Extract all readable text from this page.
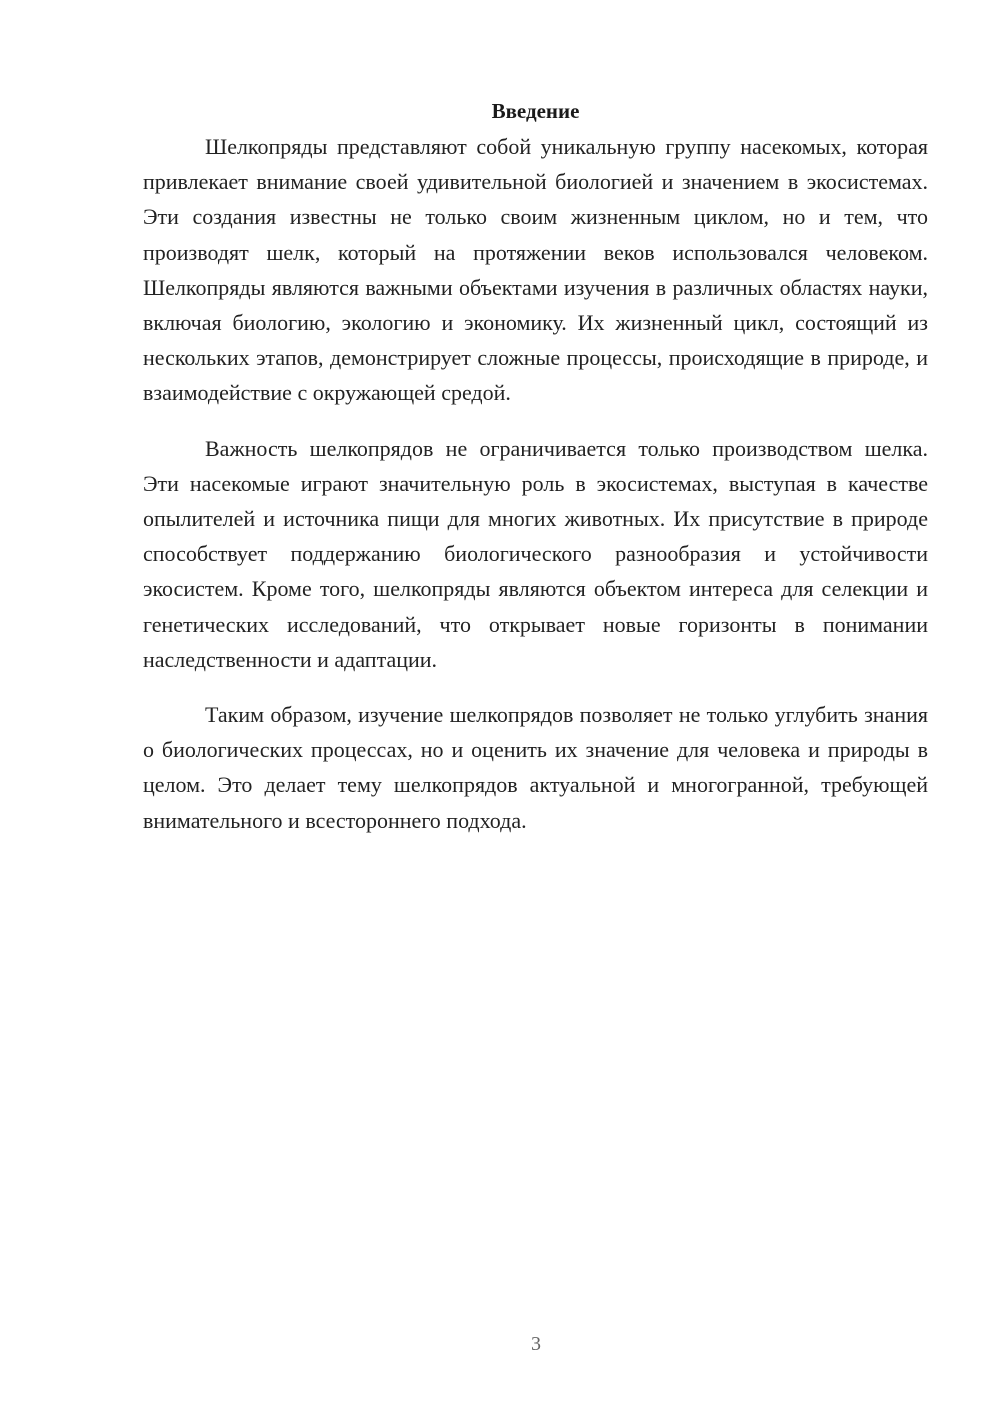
Введение

Шелкопряды представляют собой уникальную группу насекомых, которая привлекает внимание своей удивительной биологией и значением в экосистемах. Эти создания известны не только своим жизненным циклом, но и тем, что производят шелк, который на протяжении веков использовался человеком. Шелкопряды являются важными объектами изучения в различных областях науки, включая биологию, экологию и экономику. Их жизненный цикл, состоящий из нескольких этапов, демонстрирует сложные процессы, происходящие в природе, и взаимодействие с окружающей средой.

Важность шелкопрядов не ограничивается только производством шелка. Эти насекомые играют значительную роль в экосистемах, выступая в качестве опылителей и источника пищи для многих животных. Их присутствие в природе способствует поддержанию биологического разнообразия и устойчивости экосистем. Кроме того, шелкопряды являются объектом интереса для селекции и генетических исследований, что открывает новые горизонты в понимании наследственности и адаптации.

Таким образом, изучение шелкопрядов позволяет не только углубить знания о биологических процессах, но и оценить их значение для человека и природы в целом. Это делает тему шелкопрядов актуальной и многогранной, требующей внимательного и всестороннего подхода.

3
